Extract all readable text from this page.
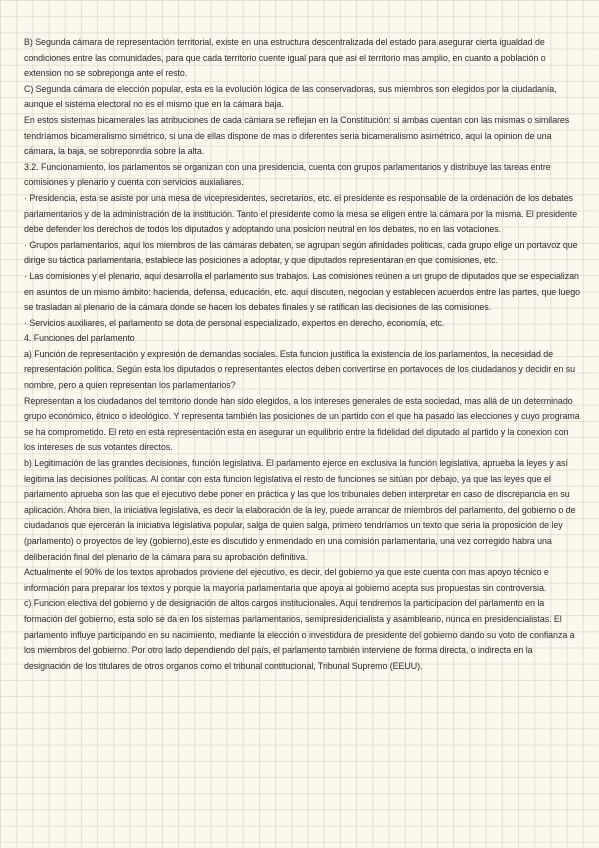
B) Segunda cámara de representación territorial, existe en una estructura descentralizada del estado para asegurar cierta igualdad de condiciones entre las comunidades, para que cada territorio cuente igual para que asi el territorio mas amplio, en cuanto a población o extension no se sobreponga ante el resto.

C) Segunda cámara de elección popular, esta es la evolución lógica de las conservadoras, sus miembros son elegidos por la ciudadanía, aunque el sistema electoral no es el mismo que en la cámara baja.

En estos sistemas bicamerales las atribuciones de cada cámara se reflejan en la Constitución: si ambas cuentan con las mismas o similares tendríamos bicameralismo simétrico, si una de ellas dispone de mas o diferentes seria bicameralismo asimétrico, aquí la opinion de una cámara, la baja, se sobreponrdia sobre la alta.

3.2. Funcionamiento, los parlamentos se organizan con una presidencia, cuenta con grupos parlamentarios y distribuye las tareas entre comisiones y plenario y cuenta con servicios auxialiares.

· Presidencia, esta se asiste por una mesa de vicepresidentes, secretarios, etc. el presidente es responsable de la ordenación de los debates parlamentarios y de la administración de la institución. Tanto el presidente como la mesa se eligen entre la cámara por la misma. El presidente debe defender los derechos de todos los diputados y adoptando una posicion neutral en los debates, no en las votaciones.

· Grupos parlamentarios, aquí los miembros de las cámaras debaten, se agrupan según afinidades politicas, cada grupo elige un portavoz que dirige su táctica parlamentaria, establece las posiciones a adoptar, y que diputados representaran en que comisiones, etc.

· Las comisiones y el plenario, aquí desarrolla el parlamento sus trabajos. Las comisiones reúnen a un grupo de diputados que se especializan en asuntos de un mismo ámbito: hacienda, defensa, educación, etc. aquí discuten, negocian y establecen acuerdos entre las partes, que luego se trasladan al plenario de la cámara donde se hacen los debates finales y se ratifican las decisiones de las comisiones.

· Servicios auxiliares, el parlamento se dota de personal especializado, expertos en derecho, economía, etc.

4. Funciones del parlamento

a) Función de representación y expresión de demandas sociales. Esta funcion justifica la existencia de los parlamentos, la necesidad de representación politica. Según esta los diputados o representantes electos deben convertirse en portavoces de los ciudadanos y decidir en su nombre, pero a quien representan los parlamentarios?

Representan a los ciudadanos del territorio donde han sido elegidos, a los intereses generales de esta sociedad, mas allá de un determinado grupo económico, étnico o ideológico. Y representa también las posiciones de un partido con el que ha pasado las elecciones y cuyo programa se ha comprometido. El reto en esta representación esta en asegurar un equilibrio entre la fidelidad del diputado al partido y la conexion con los intereses de sus votantes directos.

b) Legitimación de las grandes decisiones, función legislativa. El parlamento ejerce en exclusiva la función legislativa, aprueba la leyes y así legitima las decisiones políticas. Al contar con esta funcion legislativa el resto de funciones se sitúan por debajo, ya que las leyes que el parlamento aprueba son las que el ejecutivo debe poner en práctica y las que los tribunales deben interpretar en caso de discrepancia en su aplicación. Ahora bien, la iniciativa legislativa, es decir la elaboración de la ley, puede arrancar de miembros del parlamento, del gobierno o de ciudadanos que ejercerán la iniciativa legislativa popular, salga de quien salga, primero tendríamos un texto que seria la proposición de ley (parlamento) o proyectos de ley (gobierno),este es discutido y enmendado en una comisión parlamentaria, una vez corregido habra una deliberación final del plenario de la cámara para su aprobación definitiva.

Actualmente el 90% de los textos aprobados proviene del ejecutivo, es decir, del gobierno ya que este cuenta con mas apoyo técnico e información para preparar los textos y porque la mayoría parlamentaria que apoya al gobierno acepta sus propuestas sin controversia.

c) Funcion electiva del gobierno y de designación de altos cargos institucionales. Aquí tendremos la participacion del parlamento en la formación del gobierno, esta solo se da en los sistemas parlamentarios, semipresidencialista y asambleario, nunca en presidencialistas. El parlamento influye participando en su nacimiento, mediante la elección o investidura de presidente del gobierno dando su voto de confianza a los miembros del gobierno. Por otro lado dependiendo del país, el parlamento también interviene de forma directa, o indirecta en la designación de los titulares de otros organos como el tribunal contitucional, Tribunal Supremo (EEUU).
